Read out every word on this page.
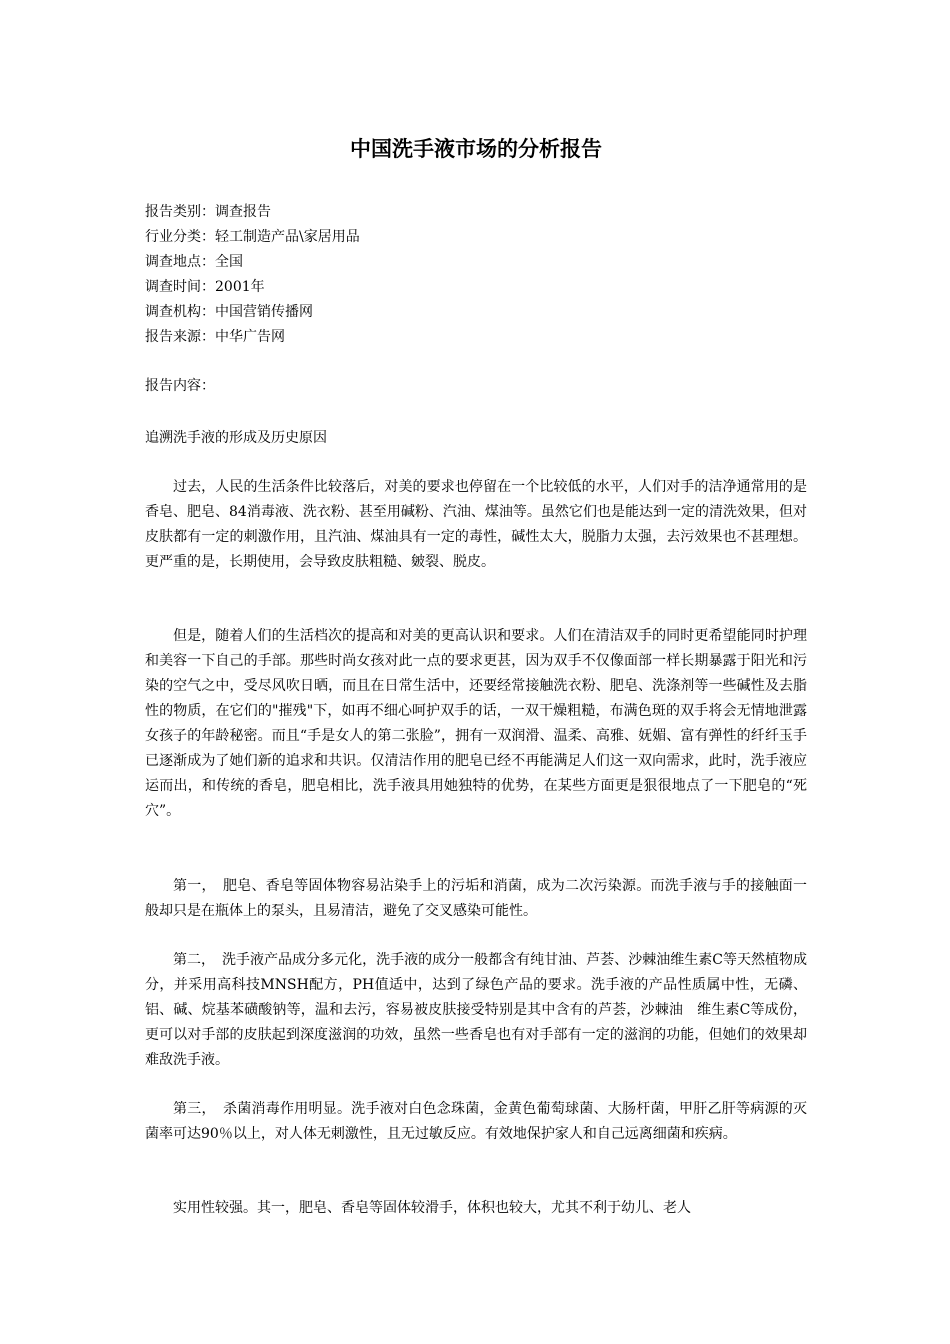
中国洗手液市场的分析报告
报告类别：调查报告
行业分类：轻工制造产品\家居用品
调查地点：全国
调查时间：2001年
调查机构：中国营销传播网
报告来源：中华广告网

报告内容：

追溯洗手液的形成及历史原因

过去，人民的生活条件比较落后，对美的要求也停留在一个比较低的水平，人们对手的洁净通常用的是香皂、肥皂、84消毒液、洗衣粉、甚至用碱粉、汽油、煤油等。虽然它们也是能达到一定的清洗效果，但对皮肤都有一定的刺激作用，且汽油、煤油具有一定的毒性，碱性太大，脱脂力太强，去污效果也不甚理想。更严重的是，长期使用，会导致皮肤粗糙、皴裂、脱皮。

但是，随着人们的生活档次的提高和对美的更高认识和要求。人们在清洁双手的同时更希望能同时护理和美容一下自己的手部。那些时尚女孩对此一点的要求更甚，因为双手不仅像面部一样长期暴露于阳光和污染的空气之中，受尽风吹日晒，而且在日常生活中，还要经常接触洗衣粉、肥皂、洗涤剂等一些碱性及去脂性的物质，在它们的"摧残"下，如再不细心呵护双手的话，一双干燥粗糙，布满色斑的双手将会无情地泄露女孩子的年龄秘密。而且“手是女人的第二张脸”，拥有一双润滑、温柔、高雅、妩媚、富有弹性的纤纤玉手已逐渐成为了她们新的追求和共识。仅清洁作用的肥皂已经不再能满足人们这一双向需求，此时，洗手液应运而出，和传统的香皂，肥皂相比，洗手液具用她独特的优势，在某些方面更是狠很地点了一下肥皂的“死穴”。

第一，　肥皂、香皂等固体物容易沾染手上的污垢和消菌，成为二次污染源。而洗手液与手的接触面一般却只是在瓶体上的泵头，且易清洁，避免了交叉感染可能性。

第二，　洗手液产品成分多元化，洗手液的成分一般都含有纯甘油、芦荟、沙棘油维生素C等天然植物成分，并采用高科技MNSH配方，PH值适中，达到了绿色产品的要求。洗手液的产品性质属中性，无磷、铝、碱、烷基苯磺酸钠等，温和去污，容易被皮肤接受特别是其中含有的芦荟，沙棘油　维生素C等成份，更可以对手部的皮肤起到深度滋润的功效，虽然一些香皂也有对手部有一定的滋润的功能，但她们的效果却难敌洗手液。

第三，　杀菌消毒作用明显。洗手液对白色念珠菌，金黄色葡萄球菌、大肠杆菌，甲肝乙肝等病源的灭菌率可达90％以上，对人体无刺激性，且无过敏反应。有效地保护家人和自己远离细菌和疾病。

实用性较强。其一，肥皂、香皂等固体较滑手，体积也较大，尤其不利于幼儿、老人
